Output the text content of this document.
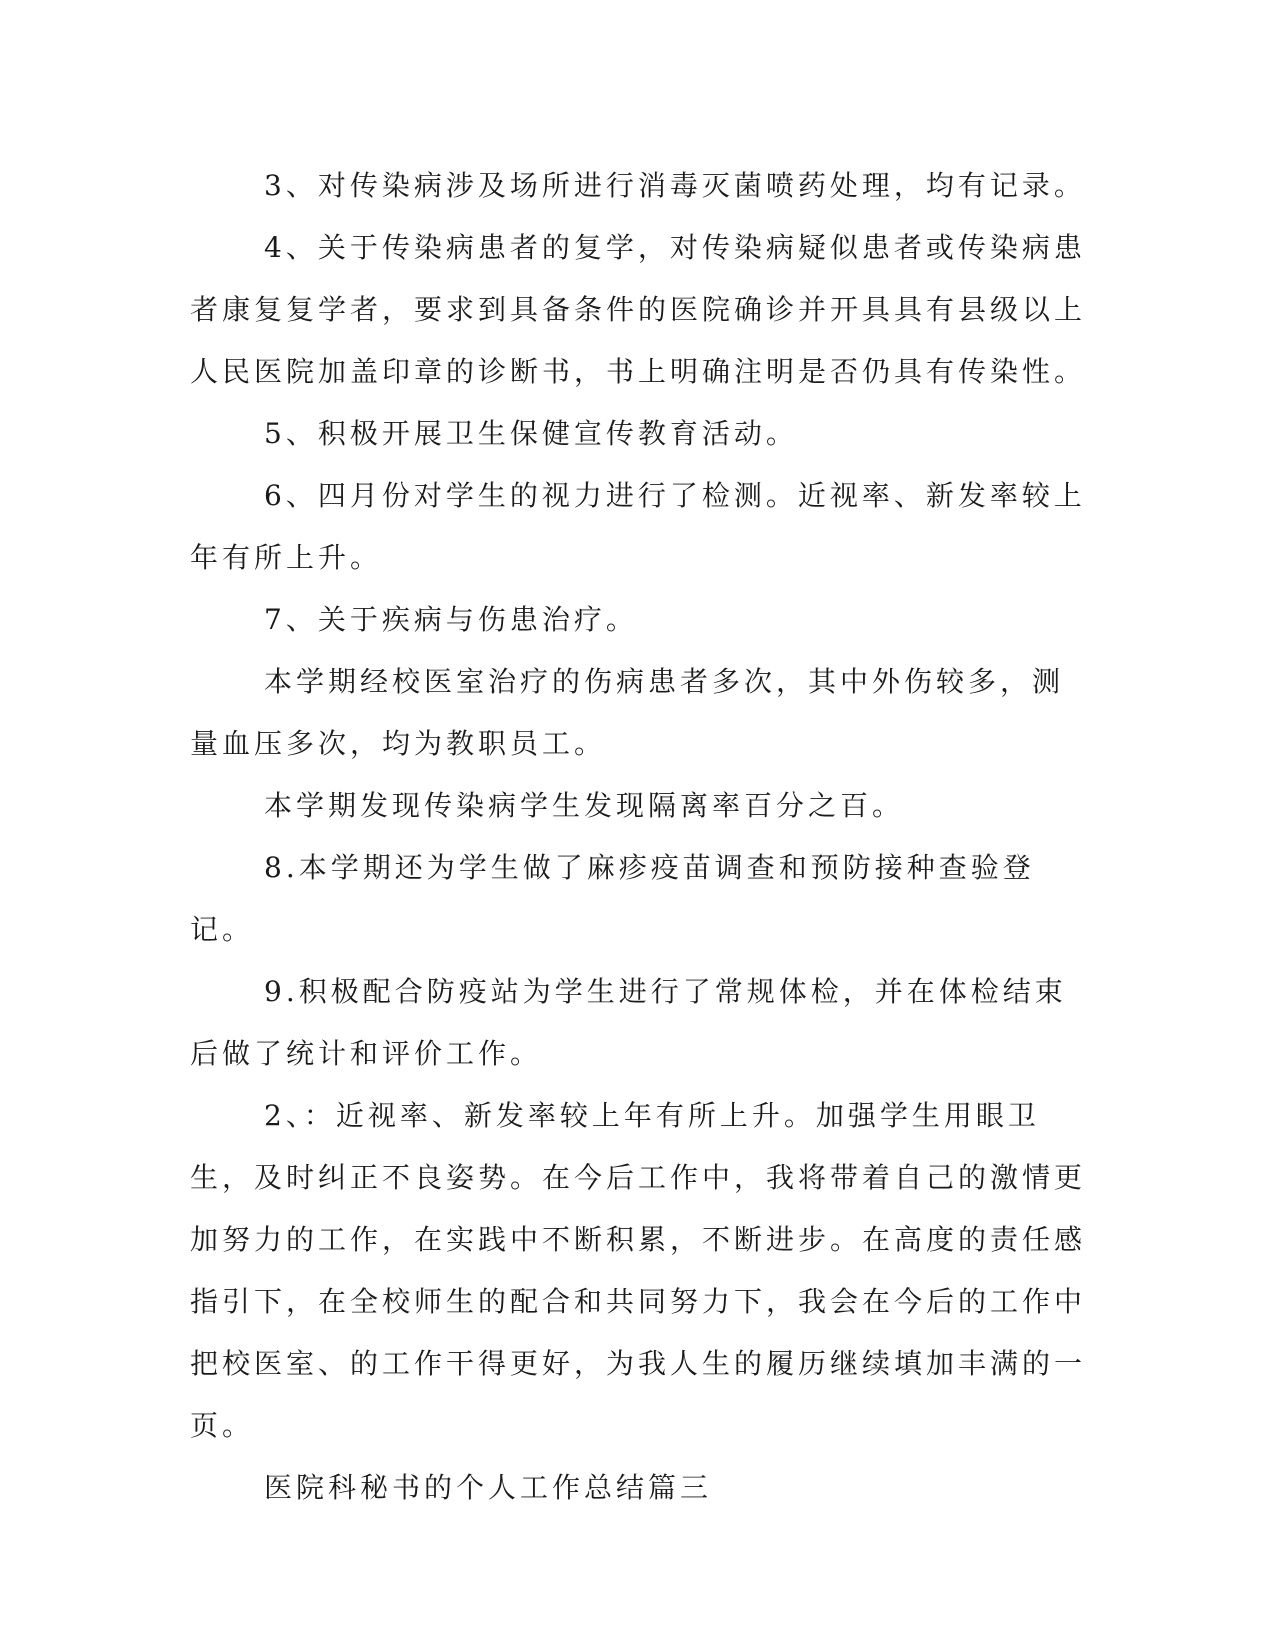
3、对传染病涉及场所进行消毒灭菌喷药处理，均有记录。

4、关于传染病患者的复学，对传染病疑似患者或传染病患者康复复学者，要求到具备条件的医院确诊并开具具有县级以上人民医院加盖印章的诊断书，书上明确注明是否仍具有传染性。

5、积极开展卫生保健宣传教育活动。

6、四月份对学生的视力进行了检测。近视率、新发率较上年有所上升。

7、关于疾病与伤患治疗。

本学期经校医室治疗的伤病患者多次，其中外伤较多，测量血压多次，均为教职员工。

本学期发现传染病学生发现隔离率百分之百。

8.本学期还为学生做了麻疹疫苗调查和预防接种查验登记。

9.积极配合防疫站为学生进行了常规体检，并在体检结束后做了统计和评价工作。

2、：近视率、新发率较上年有所上升。加强学生用眼卫生，及时纠正不良姿势。在今后工作中，我将带着自己的激情更加努力的工作，在实践中不断积累，不断进步。在高度的责任感指引下，在全校师生的配合和共同努力下，我会在今后的工作中把校医室、的工作干得更好，为我人生的履历继续填加丰满的一页。

医院科秘书的个人工作总结篇三
